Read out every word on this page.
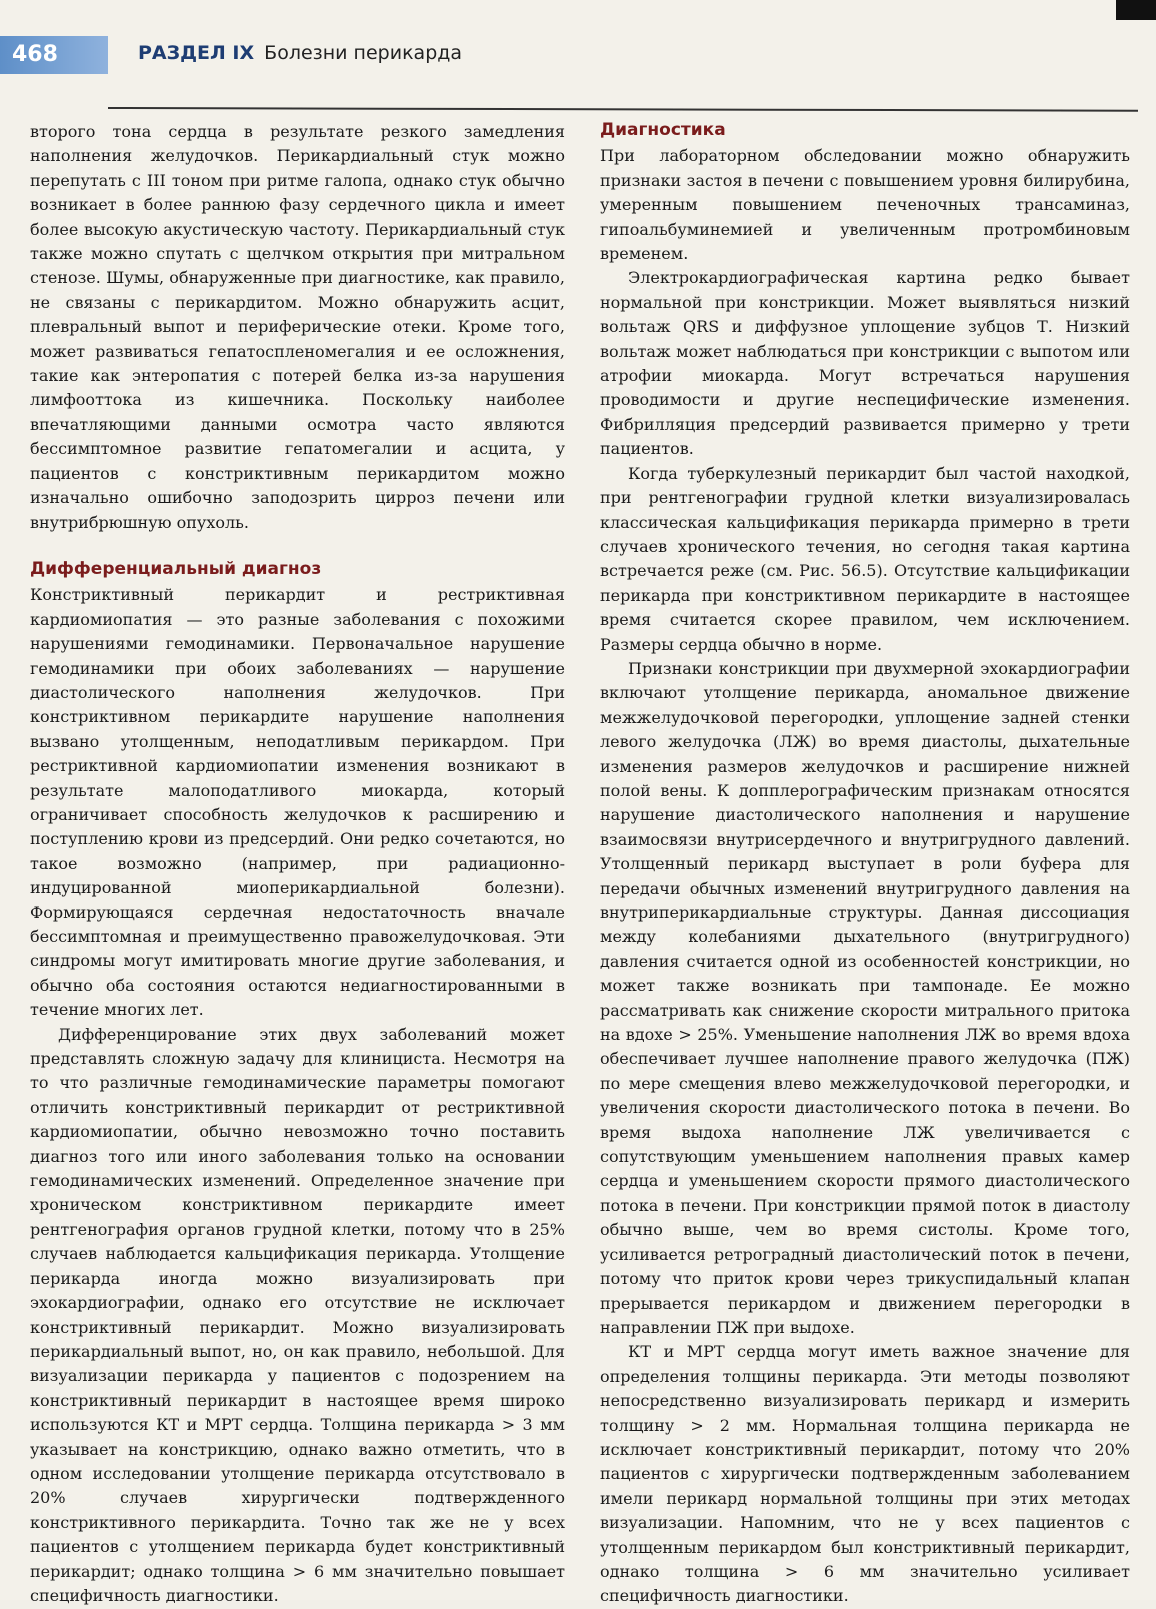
468	РАЗДЕЛ IX Болезни перикарда

второго тона сердца в результате резкого замедления наполнения желудочков. Перикардиальный стук можно перепутать с III тоном при ритме галопа, однако стук обычно возникает в более раннюю фазу сердечного цикла и имеет более высокую акустическую частоту. Перикардиальный стук также можно спутать с щелчком открытия при митральном стенозе. Шумы, обнаруженные при диагностике, как правило, не связаны с перикардитом. Можно обнаружить асцит, плевральный выпот и периферические отеки. Кроме того, может развиваться гепатоспленомегалия и ее осложнения, такие как энтеропатия с потерей белка из-за нарушения лимфооттока из кишечника. Поскольку наиболее впечатляющими данными осмотра часто являются бессимптомное развитие гепатомегалии и асцита, у пациентов с констриктивным перикардитом можно изначально ошибочно заподозрить цирроз печени или внутрибрюшную опухоль.

Дифференциальный диагноз

Констриктивный перикардит и рестриктивная кардиомиопатия — это разные заболевания с похожими нарушениями гемодинамики. Первоначальное нарушение гемодинамики при обоих заболеваниях — нарушение диастолического наполнения желудочков. При констриктивном перикардите нарушение наполнения вызвано утолщенным, неподатливым перикардом. При рестриктивной кардиомиопатии изменения возникают в результате малоподатливого миокарда, который ограничивает способность желудочков к расширению и поступлению крови из предсердий. Они редко сочетаются, но такое возможно (например, при радиационно-индуцированной миоперикардиальной болезни). Формирующаяся сердечная недостаточность вначале бессимптомная и преимущественно правожелудочковая. Эти синдромы могут имитировать многие другие заболевания, и обычно оба состояния остаются недиагностированными в течение многих лет.

Дифференцирование этих двух заболеваний может представлять сложную задачу для клинициста. Несмотря на то что различные гемодинамические параметры помогают отличить констриктивный перикардит от рестриктивной кардиомиопатии, обычно невозможно точно поставить диагноз того или иного заболевания только на основании гемодинамических изменений. Определенное значение при хроническом констриктивном перикардите имеет рентгенография органов грудной клетки, потому что в 25% случаев наблюдается кальцификация перикарда. Утолщение перикарда иногда можно визуализировать при эхокардиографии, однако его отсутствие не исключает констриктивный перикардит. Можно визуализировать перикардиальный выпот, но, он как правило, небольшой. Для визуализации перикарда у пациентов с подозрением на констриктивный перикардит в настоящее время широко используются КТ и МРТ сердца. Толщина перикарда > 3 мм указывает на констрикцию, однако важно отметить, что в одном исследовании утолщение перикарда отсутствовало в 20% случаев хирургически подтвержденного констриктивного перикардита. Точно так же не у всех пациентов с утолщением перикарда будет констриктивный перикардит; однако толщина > 6 мм значительно повышает специфичность диагностики.

Диагностика

При лабораторном обследовании можно обнаружить признаки застоя в печени с повышением уровня билирубина, умеренным повышением печеночных трансаминаз, гипоальбуминемией и увеличенным протромбиновым временем.

Электрокардиографическая картина редко бывает нормальной при констрикции. Может выявляться низкий вольтаж QRS и диффузное уплощение зубцов Т. Низкий вольтаж может наблюдаться при констрикции с выпотом или атрофии миокарда. Могут встречаться нарушения проводимости и другие неспецифические изменения. Фибрилляция предсердий развивается примерно у трети пациентов.

Когда туберкулезный перикардит был частой находкой, при рентгенографии грудной клетки визуализировалась классическая кальцификация перикарда примерно в трети случаев хронического течения, но сегодня такая картина встречается реже (см. Рис. 56.5). Отсутствие кальцификации перикарда при констриктивном перикардите в настоящее время считается скорее правилом, чем исключением. Размеры сердца обычно в норме.

Признаки констрикции при двухмерной эхокардиографии включают утолщение перикарда, аномальное движение межжелудочковой перегородки, уплощение задней стенки левого желудочка (ЛЖ) во время диастолы, дыхательные изменения размеров желудочков и расширение нижней полой вены. К допплерографическим признакам относятся нарушение диастолического наполнения и нарушение взаимосвязи внутрисердечного и внутригрудного давлений. Утолщенный перикард выступает в роли буфера для передачи обычных изменений внутригрудного давления на внутриперикардиальные структуры. Данная диссоциация между колебаниями дыхательного (внутригрудного) давления считается одной из особенностей констрикции, но может также возникать при тампонаде. Ее можно рассматривать как снижение скорости митрального притока на вдохе > 25%. Уменьшение наполнения ЛЖ во время вдоха обеспечивает лучшее наполнение правого желудочка (ПЖ) по мере смещения влево межжелудочковой перегородки, и увеличения скорости диастолического потока в печени. Во время выдоха наполнение ЛЖ увеличивается с сопутствующим уменьшением наполнения правых камер сердца и уменьшением скорости прямого диастолического потока в печени. При констрикции прямой поток в диастолу обычно выше, чем во время систолы. Кроме того, усиливается ретроградный диастолический поток в печени, потому что приток крови через трикуспидальный клапан прерывается перикардом и движением перегородки в направлении ПЖ при выдохе.

КТ и МРТ сердца могут иметь важное значение для определения толщины перикарда. Эти методы позволяют непосредственно визуализировать перикард и измерить толщину > 2 мм. Нормальная толщина перикарда не исключает констриктивный перикардит, потому что 20% пациентов с хирургически подтвержденным заболеванием имели перикард нормальной толщины при этих методах визуализации. Напомним, что не у всех пациентов с утолщенным перикардом был констриктивный перикардит, однако толщина > 6 мм значительно усиливает специфичность диагностики.
